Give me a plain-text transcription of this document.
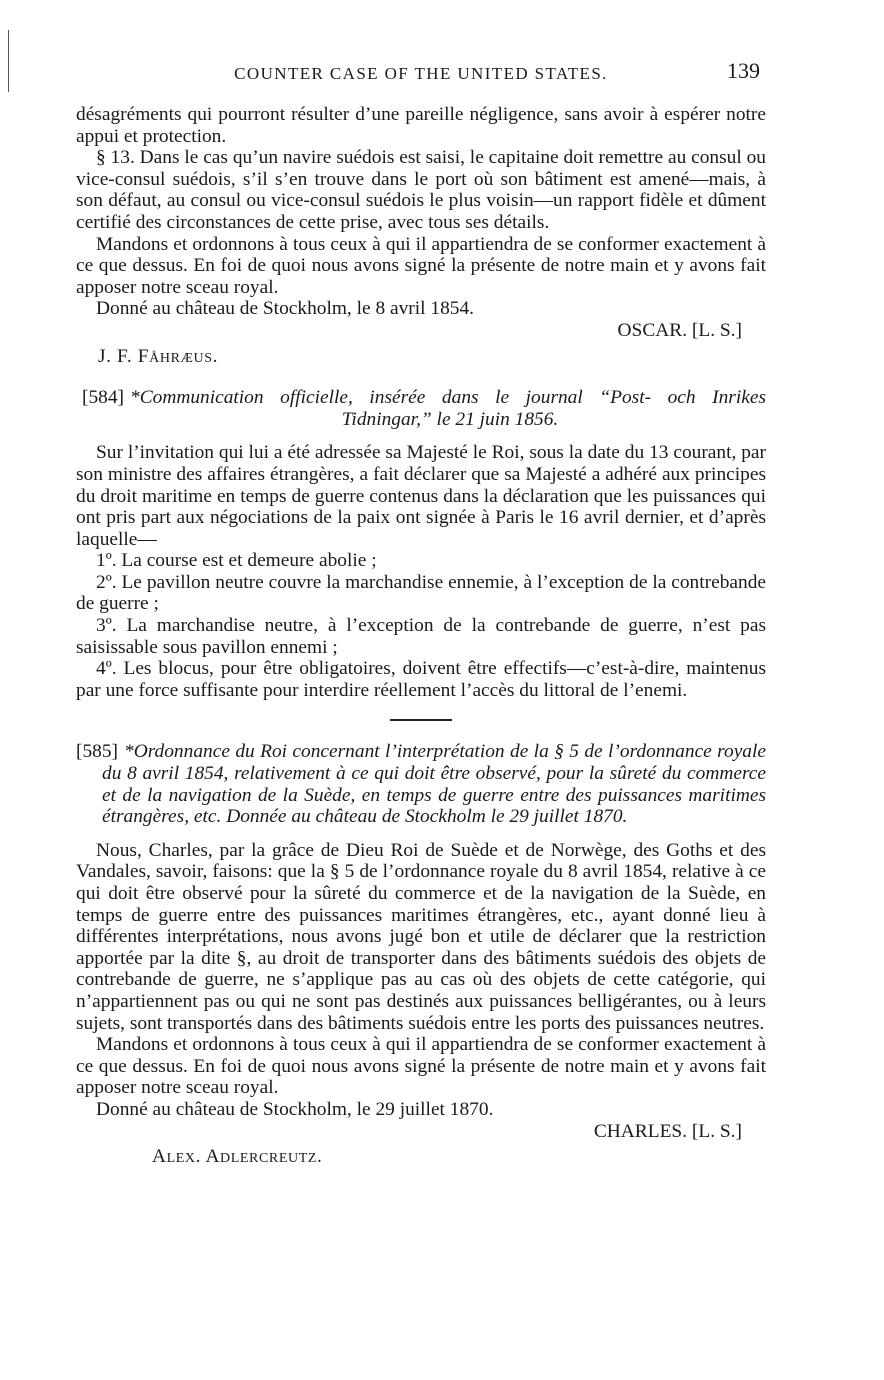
COUNTER CASE OF THE UNITED STATES.	139

désagréments qui pourront résulter d’une pareille négligence, sans avoir à espérer notre appui et protection.

§ 13. Dans le cas qu’un navire suédois est saisi, le capitaine doit remettre au consul ou vice-consul suédois, s’il s’en trouve dans le port où son bâtiment est amené—mais, à son défaut, au consul ou vice-consul suédois le plus voisin—un rapport fidèle et dûment certifié des circonstances de cette prise, avec tous ses détails.

Mandons et ordonnons à tous ceux à qui il appartiendra de se conformer exactement à ce que dessus. En foi de quoi nous avons signé la présente de notre main et y avons fait apposer notre sceau royal.

Donné au château de Stockholm, le 8 avril 1854.

OSCAR. [L. S.]

J. F. Fåhræus.

[584] *Communication officielle, insérée dans le journal “Post- och Inrikes Tidningar,” le 21 juin 1856.

Sur l’invitation qui lui a été adressée sa Majesté le Roi, sous la date du 13 courant, par son ministre des affaires étrangères, a fait déclarer que sa Majesté a adhéré aux principes du droit maritime en temps de guerre contenus dans la déclaration que les puissances qui ont pris part aux négociations de la paix ont signée à Paris le 16 avril dernier, et d’après laquelle—

1º. La course est et demeure abolie ;

2º. Le pavillon neutre couvre la marchandise ennemie, à l’exception de la contrebande de guerre ;

3º. La marchandise neutre, à l’exception de la contrebande de guerre, n’est pas saisissable sous pavillon ennemi ;

4º. Les blocus, pour être obligatoires, doivent être effectifs—c’est-à-dire, maintenus par une force suffisante pour interdire réellement l’accès du littoral de l’enemi.

[585] *Ordonnance du Roi concernant l’interprétation de la § 5 de l’ordonnance royale du 8 avril 1854, relativement à ce qui doit être observé, pour la sûreté du commerce et de la navigation de la Suède, en temps de guerre entre des puissances maritimes étrangères, etc. Donnée au château de Stockholm le 29 juillet 1870.

Nous, Charles, par la grâce de Dieu Roi de Suède et de Norwège, des Goths et des Vandales, savoir, faisons: que la § 5 de l’ordonnance royale du 8 avril 1854, relative à ce qui doit être observé pour la sûreté du commerce et de la navigation de la Suède, en temps de guerre entre des puissances maritimes étrangères, etc., ayant donné lieu à différentes interprétations, nous avons jugé bon et utile de déclarer que la restriction apportée par la dite §, au droit de transporter dans des bâtiments suédois des objets de contrebande de guerre, ne s’applique pas au cas où des objets de cette catégorie, qui n’appartiennent pas ou qui ne sont pas destinés aux puissances belligérantes, ou à leurs sujets, sont transportés dans des bâtiments suédois entre les ports des puissances neutres.

Mandons et ordonnons à tous ceux à qui il appartiendra de se conformer exactement à ce que dessus. En foi de quoi nous avons signé la présente de notre main et y avons fait apposer notre sceau royal.

Donné au château de Stockholm, le 29 juillet 1870.

CHARLES. [L. S.]

Alex. Adlercreutz.
